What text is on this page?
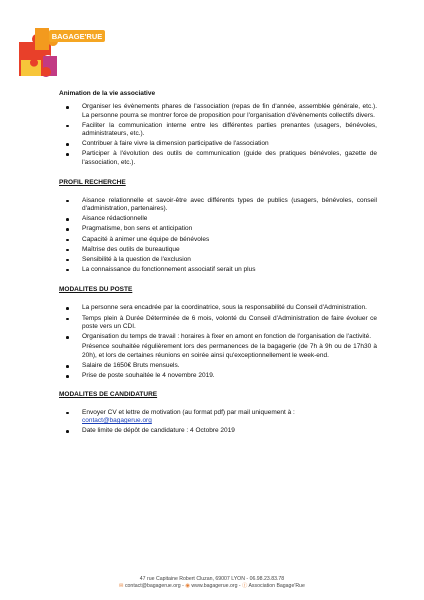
BAGAGE'RUE

Animation de la vie associative

Organiser les évènements phares de l'association (repas de fin d'année, assemblée générale, etc.). La personne pourra se montrer force de proposition pour l'organisation d'évènements collectifs divers.
Faciliter la communication interne entre les différentes parties prenantes (usagers, bénévoles, administrateurs, etc.).
Contribuer à faire vivre la dimension participative de l'association
Participer à l'évolution des outils de communication (guide des pratiques bénévoles, gazette de l'association, etc.).

PROFIL RECHERCHE

Aisance relationnelle et savoir-être avec différents types de publics (usagers, bénévoles, conseil d'administration, partenaires).
Aisance rédactionnelle
Pragmatisme, bon sens et anticipation
Capacité à animer une équipe de bénévoles
Maîtrise des outils de bureautique
Sensibilité à la question de l'exclusion
La connaissance du fonctionnement associatif serait un plus

MODALITES DU POSTE

La personne sera encadrée par la coordinatrice, sous la responsabilité du Conseil d'Administration.
Temps plein à Durée Déterminée de 6 mois, volonté du Conseil d'Administration de faire évoluer ce poste vers un CDI.
Organisation du temps de travail : horaires à fixer en amont en fonction de l'organisation de l'activité.
Présence souhaitée régulièrement lors des permanences de la bagagerie (de 7h à 9h ou de 17h30 à 20h), et lors de certaines réunions en soirée ainsi qu'exceptionnellement le week-end.
Salaire de 1650€ Bruts mensuels.
Prise de poste souhaitée le 4 novembre 2019.

MODALITES DE CANDIDATURE

Envoyer CV et lettre de motivation (au format pdf) par mail uniquement à :
contact@bagagerue.org
Date limite de dépôt de candidature : 4 Octobre 2019
47 rue Capitaine Robert Cluzan, 69007 LYON - 06.98.23.83.78
✉ contact@bagagerue.org - ◉ www.bagagerue.org - ⓕ Association Bagage'Rue
